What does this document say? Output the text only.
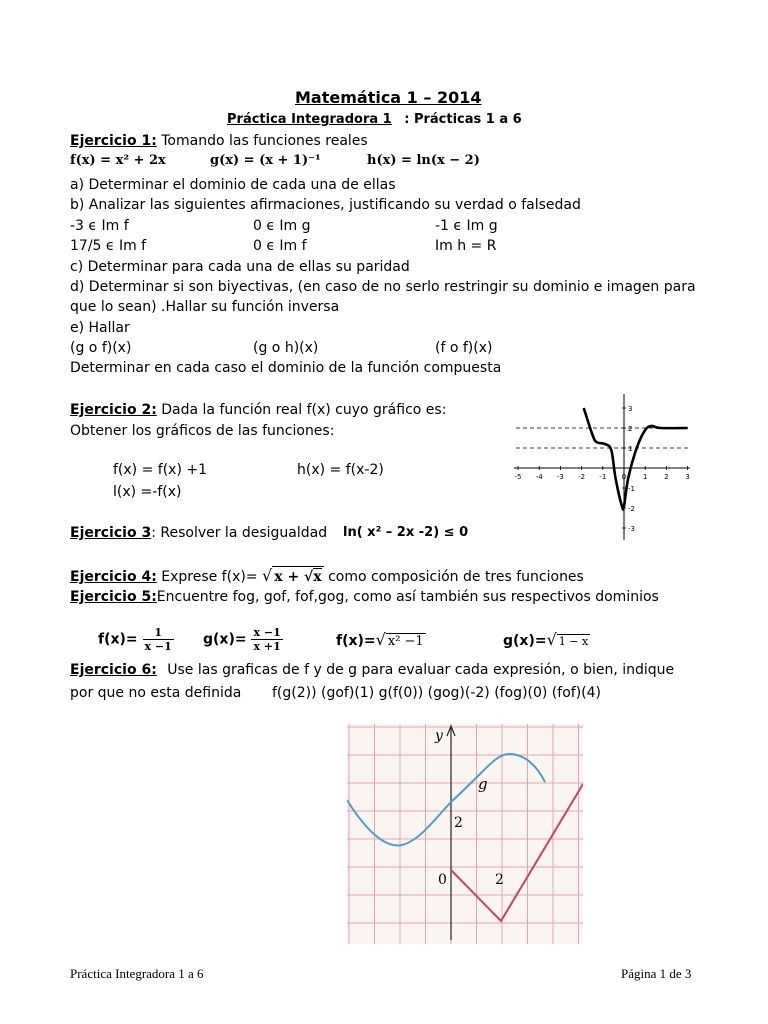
Matemática 1 – 2014
Práctica Integradora 1 : Prácticas 1 a 6
Ejercicio 1: Tomando las funciones reales
f(x) = x² + 2x	g(x) = (x + 1)⁻¹	h(x) = ln(x − 2)
a) Determinar el dominio de cada una de ellas
b) Analizar las siguientes afirmaciones, justificando su verdad o falsedad
-3 ϵ Im f	0 ϵ Im g	-1 ϵ Im g
17/5 ϵ Im f	0 ϵ Im f	Im h = R
c) Determinar para cada una de ellas su paridad
d) Determinar si son biyectivas, (en caso de no serlo restringir su dominio e imagen para
que lo sean) .Hallar su función inversa
e) Hallar
(g o f)(x)	(g o h)(x)	(f o f)(x)
Determinar en cada caso el dominio de la función compuesta
Ejercicio 2: Dada la función real f(x) cuyo gráfico es:
Obtener los gráficos de las funciones:
f(x) = f(x) +1	h(x) = f(x-2)
l(x) =-f(x)
-5 -4 -3 -2 -1 0 1 2 3
3
2
1
-1
-2
-3
Ejercicio 3: Resolver la desigualdad ln( x² – 2x -2) ≤ 0
Ejercicio 4: Exprese f(x)= √ x + √x como composición de tres funciones
Ejercicio 5:Encuentre fog, gof, fof,gog, como así también sus respectivos dominios
$f(x)= \frac{1}{x -1} g(x)= \frac{x -1}{x +1}$	f(x)=√ x² −1	g(x)=√ 1 − x
Ejercicio 6: Use las graficas de f y de g para evaluar cada expresión, o bien, indique
por que no esta definida f(g(2)) (gof)(1) g(f(0)) (gog)(-2) (fog)(0) (fof)(4)
y
g
2
0	2
Práctica Integradora 1 a 6	Página 1 de 3
